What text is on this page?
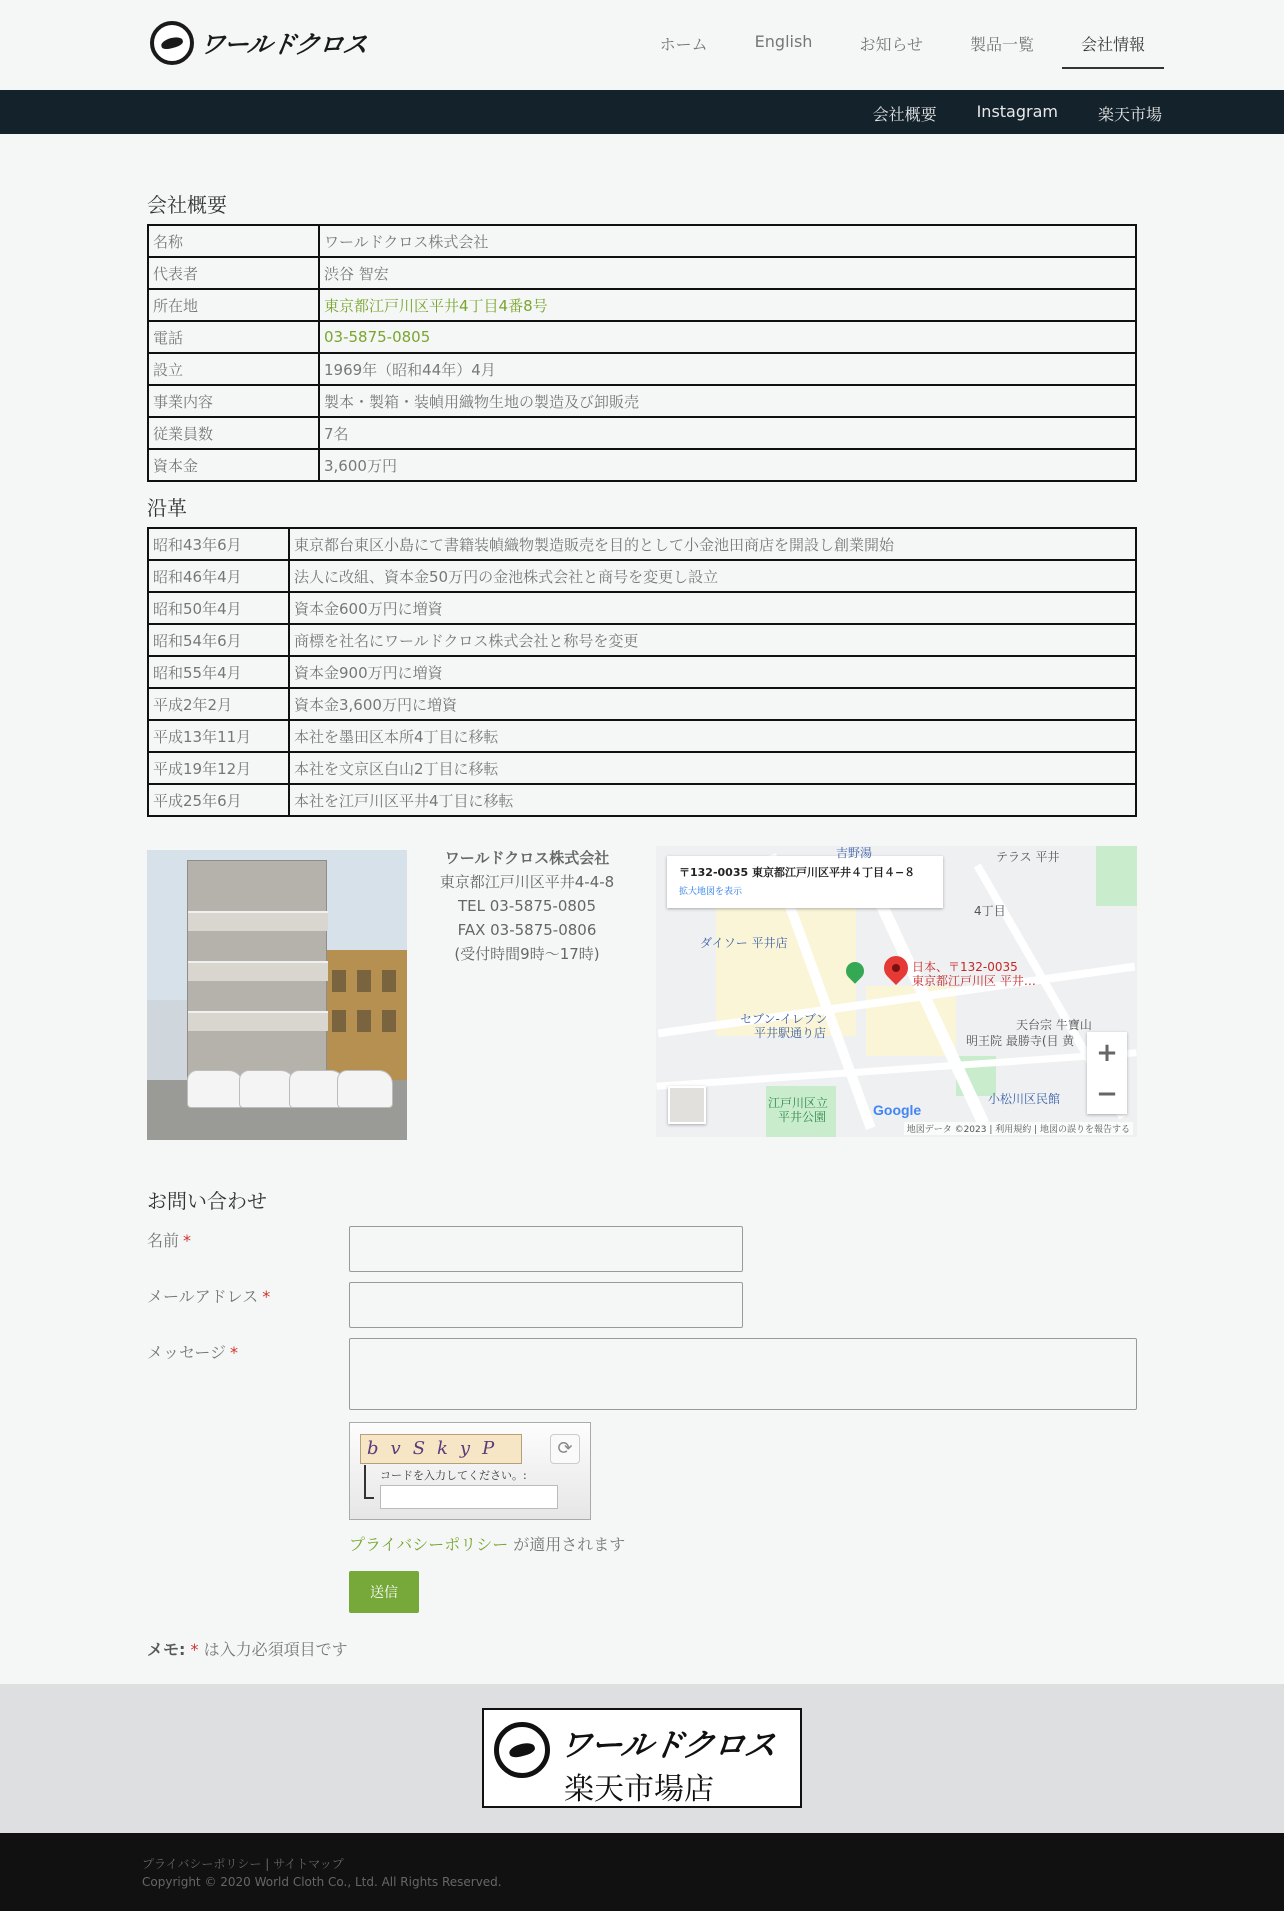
ワールドクロス	ホーム	English	お知らせ	製品一覧	会社情報
会社概要	Instagram	楽天市場
会社概要
名称	ワールドクロス株式会社
代表者	渋谷 智宏
所在地	東京都江戸川区平井4丁目4番8号
電話	03-5875-0805
設立	1969年（昭和44年）4月
事業内容	製本・製箱・装幀用織物生地の製造及び卸販売
従業員数	7名
資本金	3,600万円
沿革
昭和43年6月	東京都台東区小島にて書籍装幀織物製造販売を目的として小金池田商店を開設し創業開始
昭和46年4月	法人に改組、資本金50万円の金池株式会社と商号を変更し設立
昭和50年4月	資本金600万円に増資
昭和54年6月	商標を社名にワールドクロス株式会社と称号を変更
昭和55年4月	資本金900万円に増資
平成2年2月	資本金3,600万円に増資
平成13年11月	本社を墨田区本所4丁目に移転
平成19年12月	本社を文京区白山2丁目に移転
平成25年6月	本社を江戸川区平井4丁目に移転
ワールドクロス株式会社
東京都江戸川区平井4-4-8
TEL 03-5875-0805
FAX 03-5875-0806
(受付時間9時〜17時)
〒132-0035 東京都江戸川区平井４丁目４−８
拡大地図を表示
吉野湯	テラス 平井
4丁目
ダイソー 平井店
日本、〒132-0035
東京都江戸川区 平井…
セブン-イレブン
平井駅通り店
天台宗 牛寶山
明王院 最勝寺(目 黄
江戸川区立
平井公園
小松川区民館
+
−
Google
地図データ ©2023 | 利用規約 | 地図の誤りを報告する
お問い合わせ
名前 *
メールアドレス *
メッセージ *
bvSkyP	⟳
コードを入力してください。:
プライバシーポリシー が適用されます
送信
メモ: * は入力必須項目です
ワールドクロス
楽天市場店
プライバシーポリシー | サイトマップ
Copyright © 2020 World Cloth Co., Ltd. All Rights Reserved.
